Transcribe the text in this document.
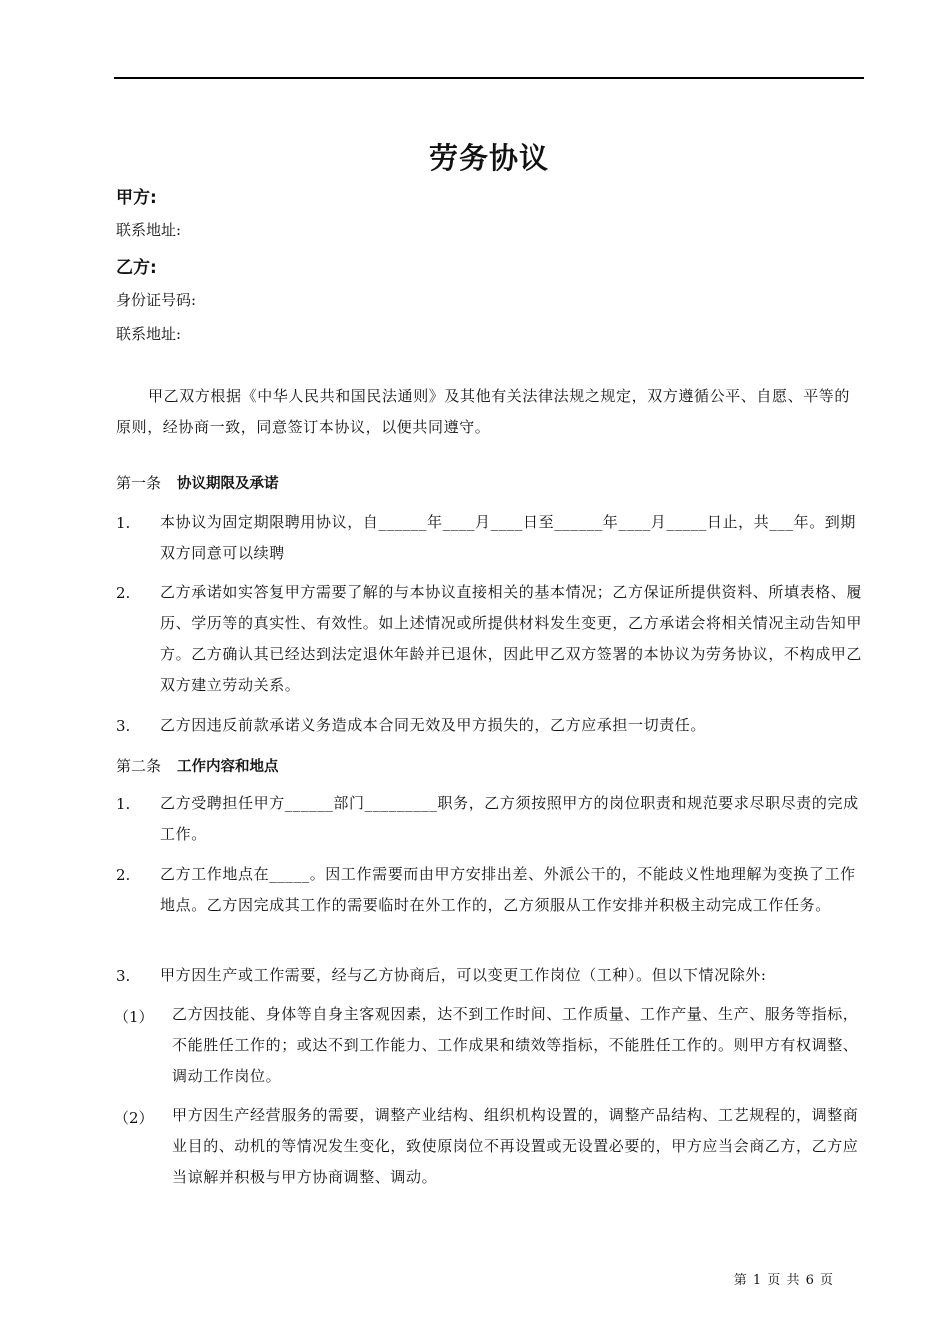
劳务协议
甲方:
联系地址:
乙方:
身份证号码:
联系地址:
甲乙双方根据《中华人民共和国民法通则》及其他有关法律法规之规定，双方遵循公平、自愿、平等的原则，经协商一致，同意签订本协议，以便共同遵守。
第一条 协议期限及承诺
1. 本协议为固定期限聘用协议，自______年____月____日至______年____月_____日止，共___年。到期双方同意可以续聘
2. 乙方承诺如实答复甲方需要了解的与本协议直接相关的基本情况；乙方保证所提供资料、所填表格、履历、学历等的真实性、有效性。如上述情况或所提供材料发生变更，乙方承诺会将相关情况主动告知甲方。乙方确认其已经达到法定退休年龄并已退休，因此甲乙双方签署的本协议为劳务协议，不构成甲乙双方建立劳动关系。
3. 乙方因违反前款承诺义务造成本合同无效及甲方损失的，乙方应承担一切责任。
第二条 工作内容和地点
1. 乙方受聘担任甲方______部门_________职务，乙方须按照甲方的岗位职责和规范要求尽职尽责的完成工作。
2. 乙方工作地点在_____。因工作需要而由甲方安排出差、外派公干的，不能歧义性地理解为变换了工作地点。乙方因完成其工作的需要临时在外工作的，乙方须服从工作安排并积极主动完成工作任务。
3. 甲方因生产或工作需要，经与乙方协商后，可以变更工作岗位（工种）。但以下情况除外:
（1） 乙方因技能、身体等自身主客观因素，达不到工作时间、工作质量、工作产量、生产、服务等指标，不能胜任工作的；或达不到工作能力、工作成果和绩效等指标，不能胜任工作的。则甲方有权调整、调动工作岗位。
（2） 甲方因生产经营服务的需要，调整产业结构、组织机构设置的，调整产品结构、工艺规程的，调整商业目的、动机的等情况发生变化，致使原岗位不再设置或无设置必要的，甲方应当会商乙方，乙方应当谅解并积极与甲方协商调整、调动。
第 1 页 共 6 页
